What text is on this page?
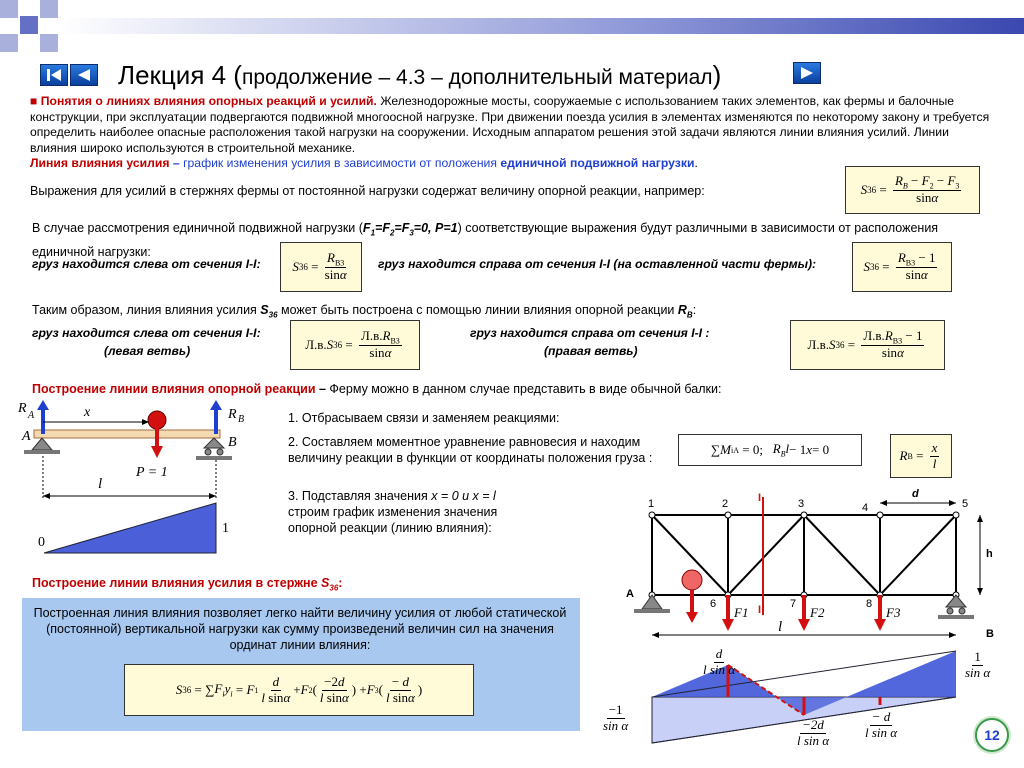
Лекция 4 (продолжение – 4.3 – дополнительный материал)
■ Понятия о линиях влияния опорных реакций и усилий. Железнодорожные мосты, сооружаемые с использованием таких элементов, как фермы и балочные конструкции, при эксплуатации подвергаются подвижной многоосной нагрузке. При движении поезда усилия в элементах изменяются по некоторому закону и требуется определить наиболее опасные расположения такой нагрузки на сооружении. Исходным аппаратом решения этой задачи являются линии влияния усилий. Линии влияния широко используются в строительной механике.
Линия влияния усилия – график изменения усилия в зависимости от положения единичной подвижной нагрузки.
Выражения для усилий в стержнях фермы от постоянной нагрузки содержат величину опорной реакции, например:	S $36 = \frac{R_B - F_2 - F_3}{\sin\alpha}$
В случае рассмотрения единичной подвижной нагрузки ($F_1=F_2=F_3=0$, P=1) соответствующие выражения будут различными в зависимости от расположения единичной нагрузки:
груз находится слева от сечения I-I:	груз находится справа от сечения I-I (на оставленной части фермы):
S $36 = \frac{R_{B3}}{\sin\alpha}$	S $36 = \frac{R_{B3} - 1}{\sin\alpha}$
Таким образом, линия влияния усилия $S_{36}$ может быть построена с помощью линии влияния опорной реакции $R_B$:
груз находится слева от сечения I-I:
(левая ветвь)
груз находится справа от сечения I-I :
(правая ветвь)
Л.в. S $36 = \frac{Л.в.R_{B3}}{\sin\alpha}$	Л.в. S $36 = \frac{Л.в.R_{B3} - 1}{\sin\alpha}$
Построение линии влияния опорной реакции – Ферму можно в данном случае представить в виде обычной балки:
R A
A
R B
B
x
P = 1
l
0
1
1. Отбрасываем связи и заменяем реакциями:
2. Составляем моментное уравнение равновесия и находим величину реакции в функции от координаты положения груза :
3. Подставляя значения x = 0 и x = l строим график изменения значения опорной реакции (линию влияния):
∑ M iA = 0; $R_Bl - 1$ x = 0	R $B = \frac{x}{l}$
Построение линии влияния усилия в стержне $S_{36}$:
Построенная линия влияния позволяет легко найти величину усилия от любой статической (постоянной) вертикальной нагрузки как сумму произведений величин сил на значения ординат линии влияния:
S 36 = ∑ $F_iy_i = F$ $1 \frac{d}{\text{l sinα}} + F$ 2 ( $\frac{-2d}{\text{l sinα}}$ ) + F 3 ( $\frac{- d}{\text{l sinα}}$ )
1	2	3	4	5
6	7	8
A
B
d
h
I
I
F1	F2	F3
l
$\frac{d}{\text{l sin α}}$	$\frac{1}{\text{sin α}}$
$\frac{-1}{\text{sin α}}$	$\frac{-2d}{\text{l sin α}}$	$\frac{- d}{\text{l sin α}}$	12
